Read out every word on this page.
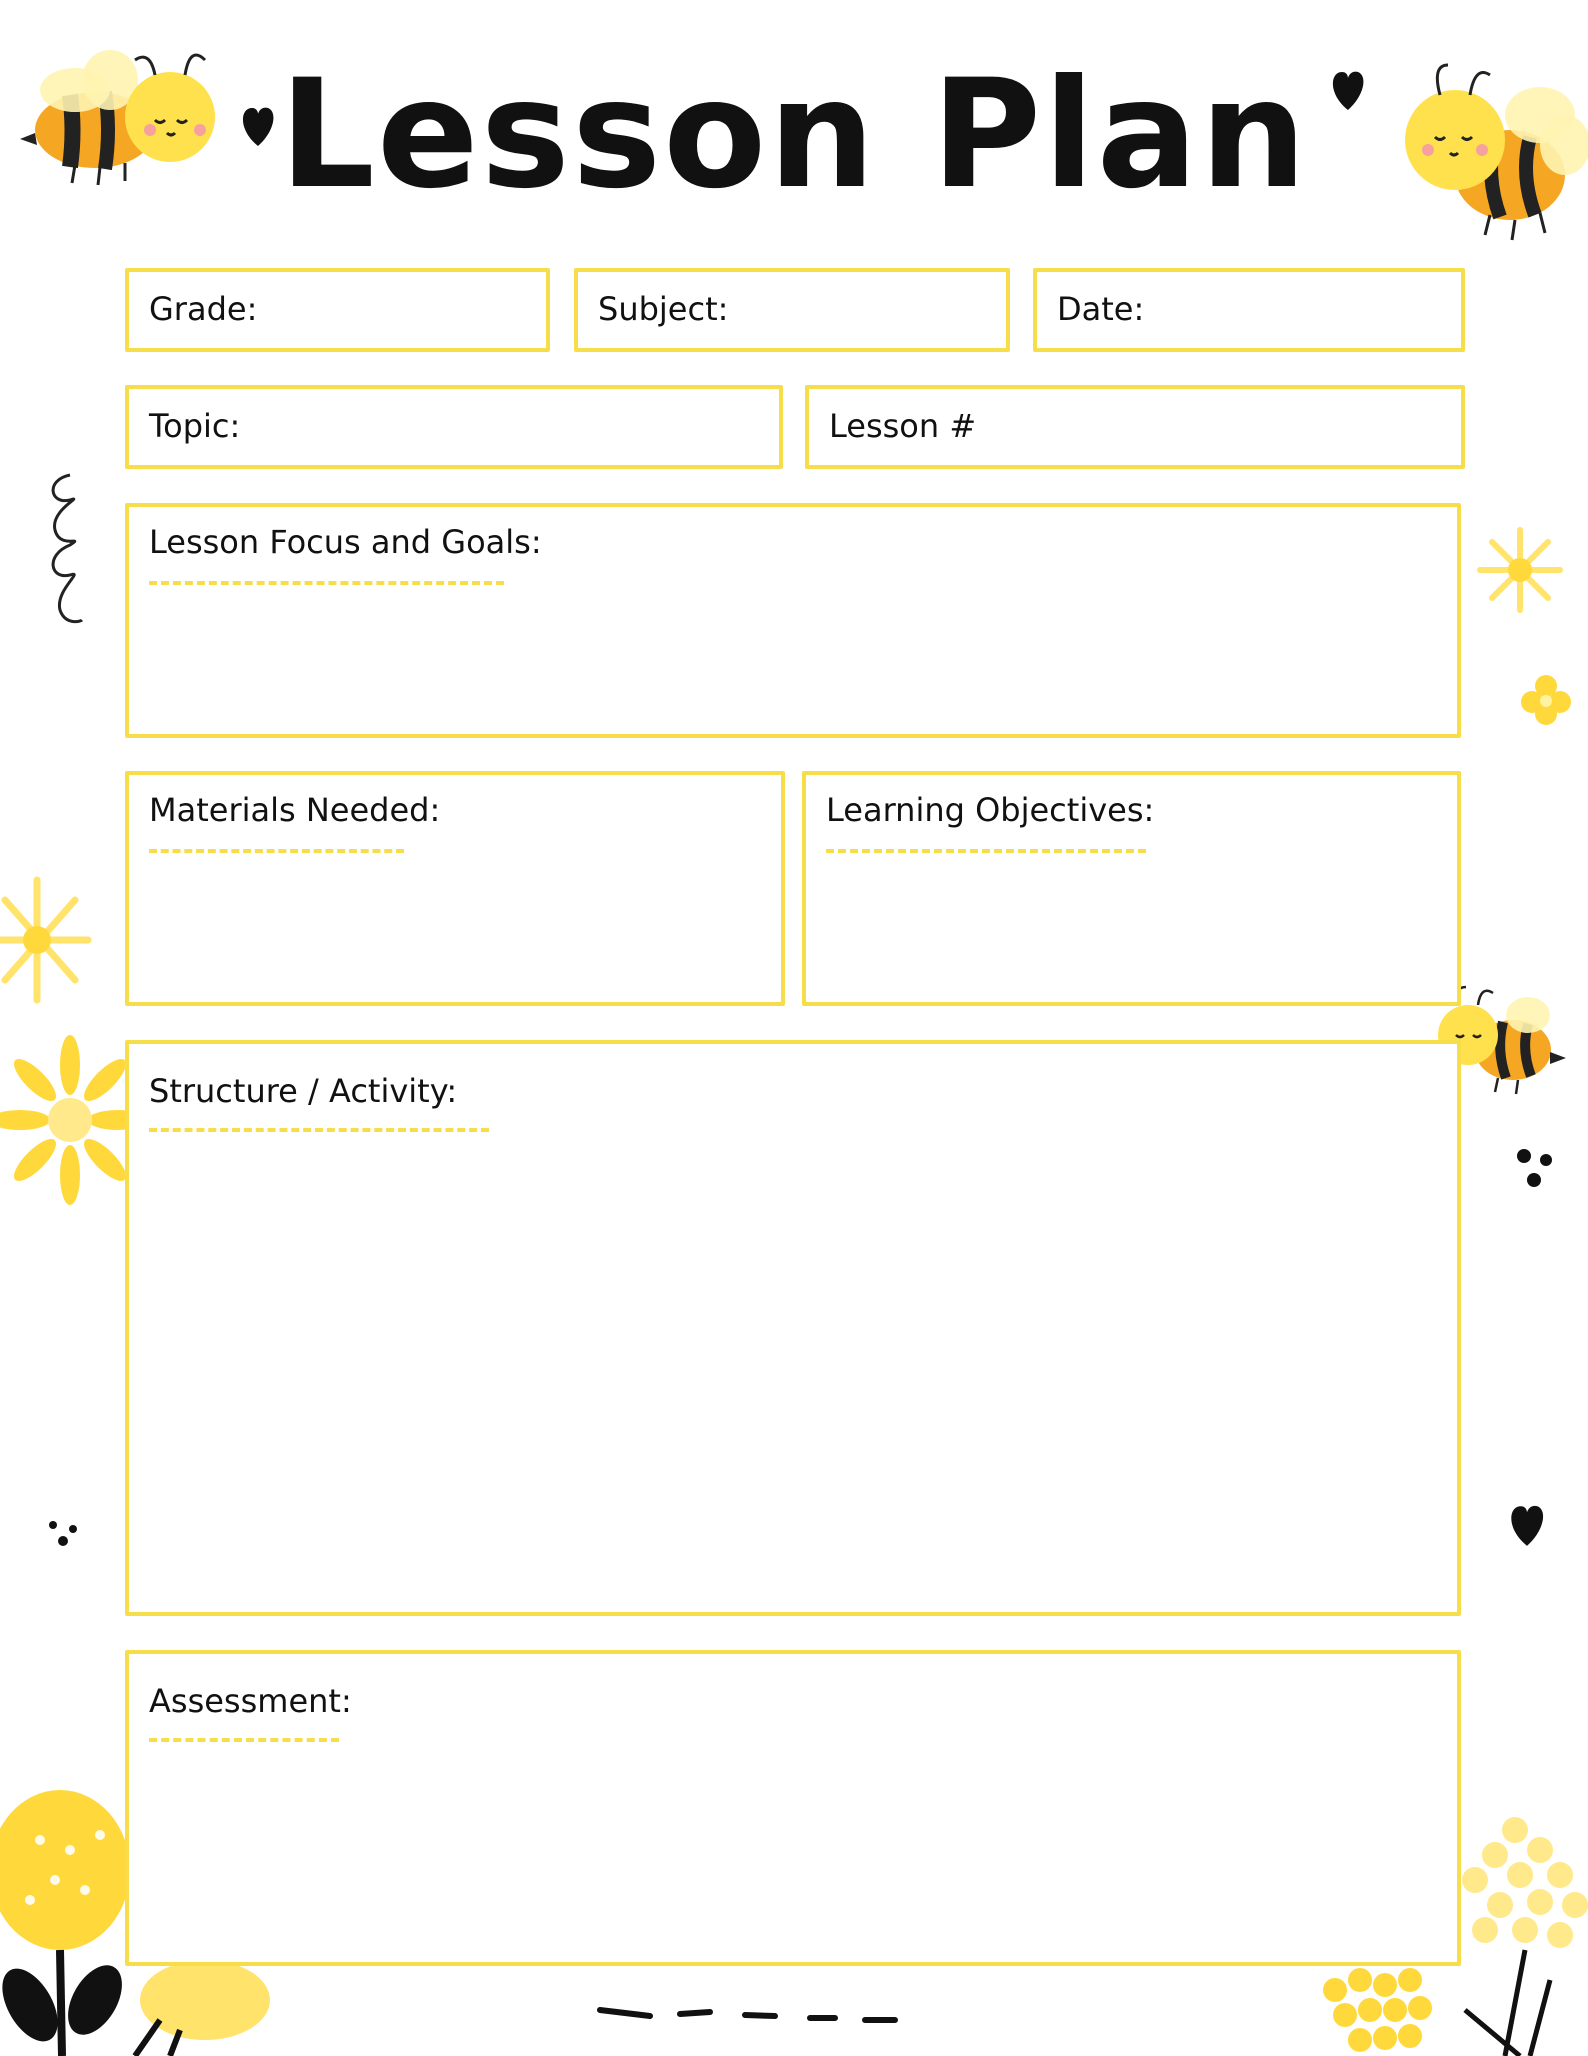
Lesson Plan
Grade:	Subject:	Date:
Topic:	Lesson #
Lesson Focus and Goals:
Materials Needed:	Learning Objectives:
Structure / Activity:
Assessment:
